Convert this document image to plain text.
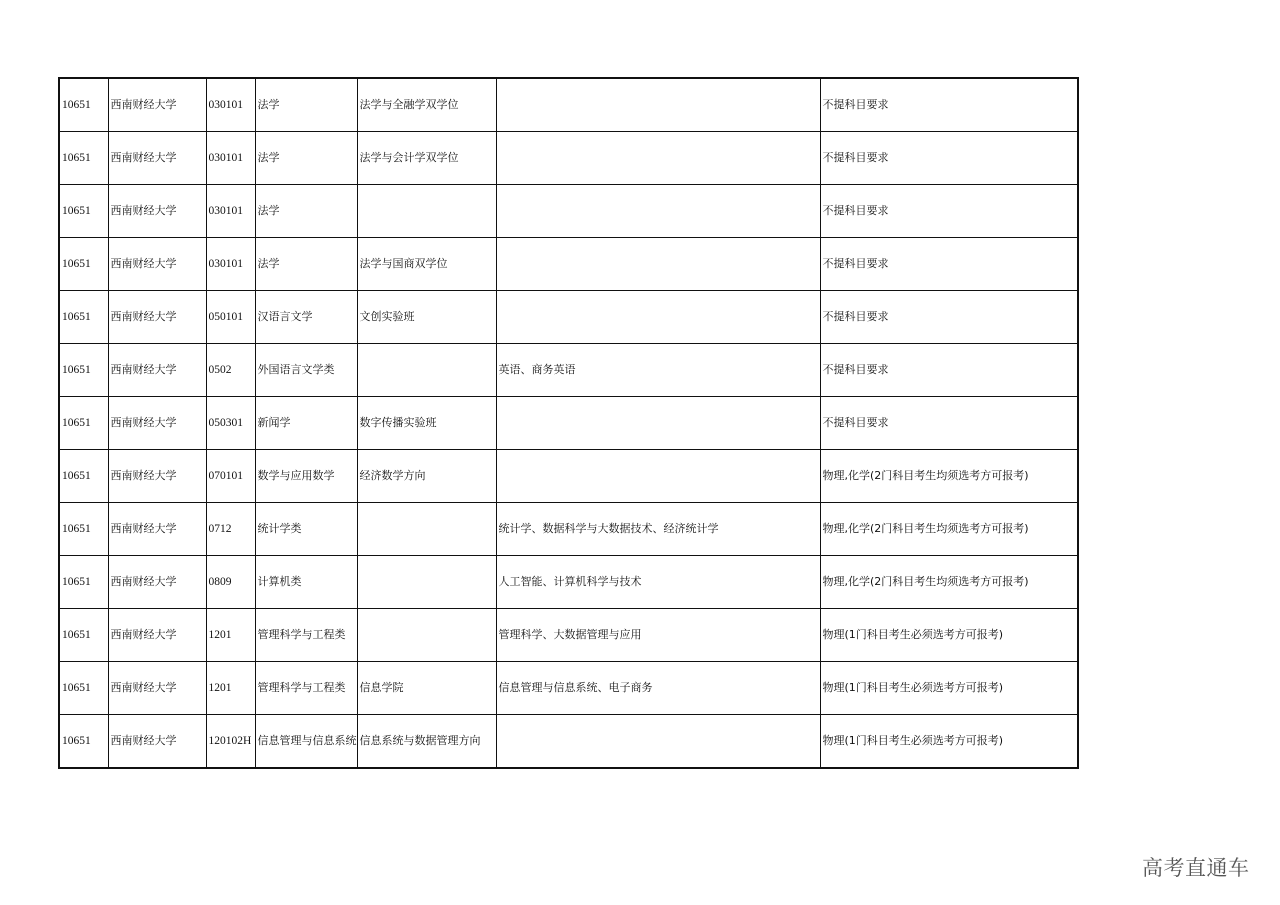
10651	西南财经大学	030101	法学	法学与全融学双学位		不提科目要求
10651	西南财经大学	030101	法学	法学与会计学双学位		不提科目要求
10651	西南财经大学	030101	法学			不提科目要求
10651	西南财经大学	030101	法学	法学与国商双学位		不提科目要求
10651	西南财经大学	050101	汉语言文学	文创实验班		不提科目要求
10651	西南财经大学	0502	外国语言文学类		英语、商务英语	不提科目要求
10651	西南财经大学	050301	新闻学	数字传播实验班		不提科目要求
10651	西南财经大学	070101	数学与应用数学	经济数学方向		物理,化学(2门科目考生均须选考方可报考)
10651	西南财经大学	0712	统计学类		统计学、数据科学与大数据技术、经济统计学	物理,化学(2门科目考生均须选考方可报考)
10651	西南财经大学	0809	计算机类		人工智能、计算机科学与技术	物理,化学(2门科目考生均须选考方可报考)
10651	西南财经大学	1201	管理科学与工程类		管理科学、大数据管理与应用	物理(1门科目考生必须选考方可报考)
10651	西南财经大学	1201	管理科学与工程类	信息学院	信息管理与信息系统、电子商务	物理(1门科目考生必须选考方可报考)
10651	西南财经大学	120102H	信息管理与信息系统	信息系统与数据管理方向		物理(1门科目考生必须选考方可报考)
高考直通车
